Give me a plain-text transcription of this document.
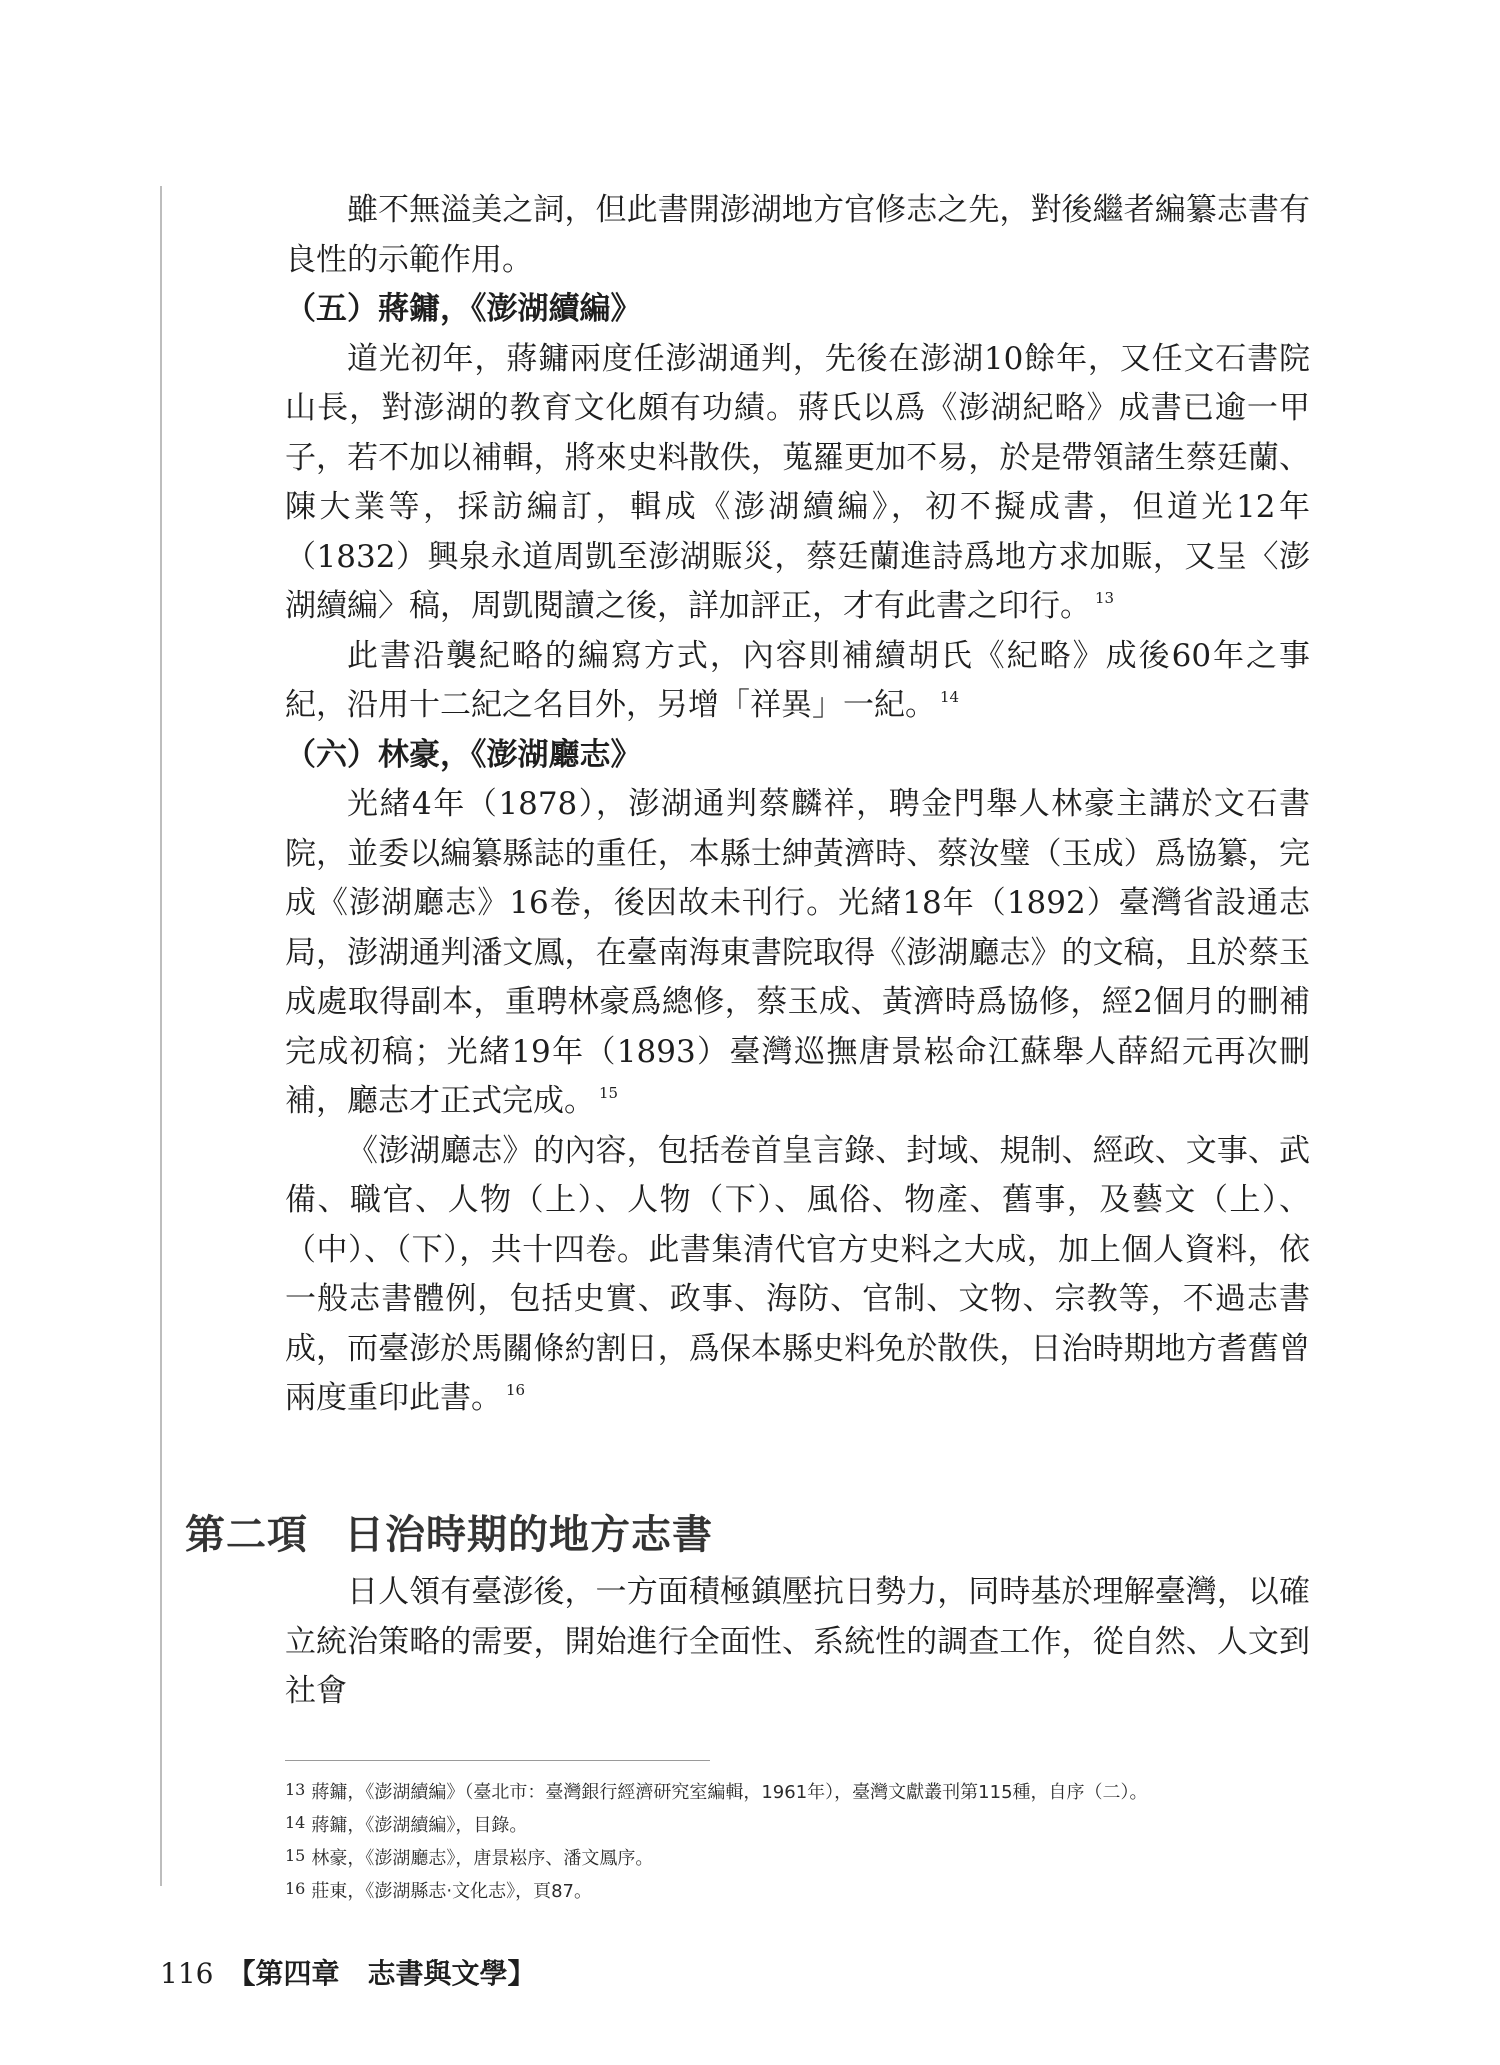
雖不無溢美之詞，但此書開澎湖地方官修志之先，對後繼者編纂志書有良性的示範作用。

（五）蔣鏞，《澎湖續編》

道光初年，蔣鏞兩度任澎湖通判，先後在澎湖10餘年，又任文石書院山長，對澎湖的教育文化頗有功績。蔣氏以爲《澎湖紀略》成書已逾一甲子，若不加以補輯，將來史料散佚，蒐羅更加不易，於是帶領諸生蔡廷蘭、陳大業等，採訪編訂，輯成《澎湖續編》，初不擬成書，但道光12年（1832）興泉永道周凱至澎湖賑災，蔡廷蘭進詩爲地方求加賑，又呈〈澎湖續編〉稿，周凱閱讀之後，詳加評正，才有此書之印行。 $^{13}$

此書沿襲紀略的編寫方式，內容則補續胡氏《紀略》成後60年之事紀，沿用十二紀之名目外，另增「祥異」一紀。 $^{14}$

（六）林豪，《澎湖廳志》

光緒4年（1878），澎湖通判蔡麟祥，聘金門舉人林豪主講於文石書院，並委以編纂縣誌的重任，本縣士紳黃濟時、蔡汝璧（玉成）爲協纂，完成《澎湖廳志》16卷，後因故未刊行。光緒18年（1892）臺灣省設通志局，澎湖通判潘文鳳，在臺南海東書院取得《澎湖廳志》的文稿，且於蔡玉成處取得副本，重聘林豪爲總修，蔡玉成、黃濟時爲協修，經2個月的刪補完成初稿；光緒19年（1893）臺灣巡撫唐景崧命江蘇舉人薛紹元再次刪補，廳志才正式完成。 $^{15}$

《澎湖廳志》的內容，包括卷首皇言錄、封域、規制、經政、文事、武備、職官、人物（上）、人物（下）、風俗、物產、舊事，及藝文（上）、（中）、（下），共十四卷。此書集清代官方史料之大成，加上個人資料，依一般志書體例，包括史實、政事、海防、官制、文物、宗教等，不過志書成，而臺澎於馬關條約割日，爲保本縣史料免於散佚，日治時期地方耆舊曾兩度重印此書。 $^{16}$

第二項 日治時期的地方志書

日人領有臺澎後，一方面積極鎮壓抗日勢力，同時基於理解臺灣，以確立統治策略的需要，開始進行全面性、系統性的調查工作，從自然、人文到社會

13 蔣鏞，《澎湖續編》（臺北市：臺灣銀行經濟研究室編輯，1961年），臺灣文獻叢刊第115種，自序（二）。

14 蔣鏞，《澎湖續編》，目錄。

15 林豪，《澎湖廳志》，唐景崧序、潘文鳳序。

16 莊東，《澎湖縣志‧文化志》，頁87。

116 【第四章　志書與文學】
